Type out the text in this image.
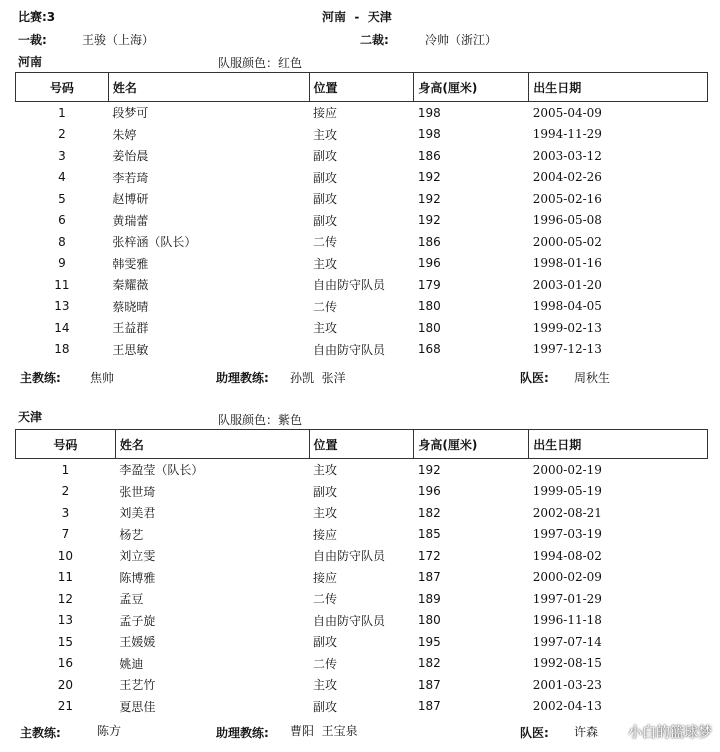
比赛:3	河南  -  天津
一裁:	王骏（上海）	二裁:	冷帅（浙江）
河南	队服颜色：红色
号码	姓名	位置	身高(厘米)	出生日期
1	段梦可	接应	198	2005-04-09
2	朱婷	主攻	198	1994-11-29
3	姜怡晨	副攻	186	2003-03-12
4	李若琦	副攻	192	2004-02-26
5	赵博研	副攻	192	2005-02-16
6	黄瑞蕾	副攻	192	1996-05-08
8	张梓涵（队长）	二传	186	2000-05-02
9	韩雯雅	主攻	196	1998-01-16
11	秦耀薇	自由防守队员	179	2003-01-20
13	蔡晓晴	二传	180	1998-04-05
14	王益群	主攻	180	1999-02-13
18	王思敏	自由防守队员	168	1997-12-13
主教练: 焦帅	助理教练: 孙凯  张洋	队医: 周秋生
天津	队服颜色：紫色
号码	姓名	位置	身高(厘米)	出生日期
1	李盈莹（队长）	主攻	192	2000-02-19
2	张世琦	副攻	196	1999-05-19
3	刘美君	主攻	182	2002-08-21
7	杨艺	接应	185	1997-03-19
10	刘立雯	自由防守队员	172	1994-08-02
11	陈博雅	接应	187	2000-02-09
12	孟豆	二传	189	1997-01-29
13	孟子旋	自由防守队员	180	1996-11-18
15	王媛媛	副攻	195	1997-07-14
16	姚迪	二传	182	1992-08-15
20	王艺竹	主攻	187	2001-03-23
21	夏思佳	副攻	187	2002-04-13
主教练:	陈方	助理教练: 曹阳  王宝泉	队医: 许森 小白的篮球梦
